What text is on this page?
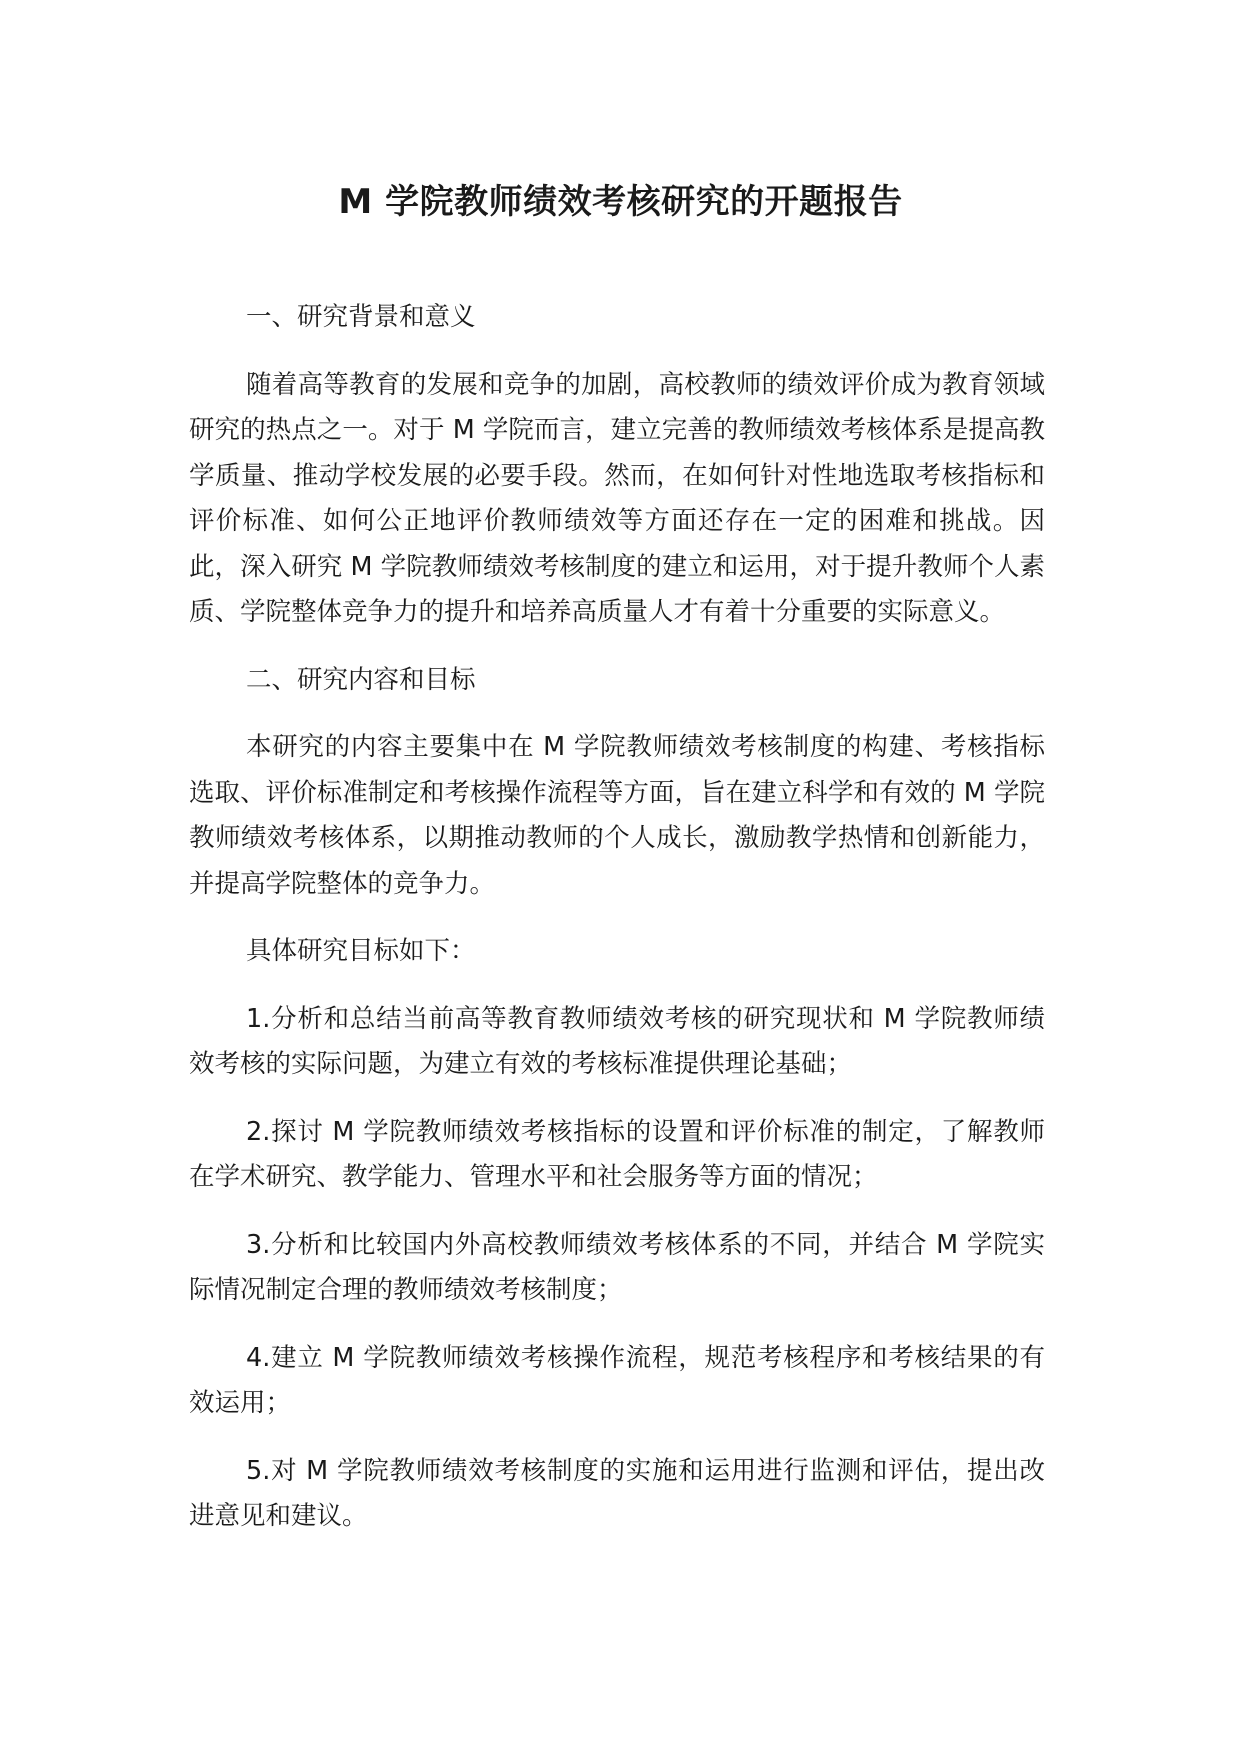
M 学院教师绩效考核研究的开题报告

一、研究背景和意义

随着高等教育的发展和竞争的加剧，高校教师的绩效评价成为教育领域研究的热点之一。对于 M 学院而言，建立完善的教师绩效考核体系是提高教学质量、推动学校发展的必要手段。然而，在如何针对性地选取考核指标和评价标准、如何公正地评价教师绩效等方面还存在一定的困难和挑战。因此，深入研究 M 学院教师绩效考核制度的建立和运用，对于提升教师个人素质、学院整体竞争力的提升和培养高质量人才有着十分重要的实际意义。

二、研究内容和目标

本研究的内容主要集中在 M 学院教师绩效考核制度的构建、考核指标选取、评价标准制定和考核操作流程等方面，旨在建立科学和有效的 M 学院教师绩效考核体系，以期推动教师的个人成长，激励教学热情和创新能力，并提高学院整体的竞争力。

具体研究目标如下：

1.分析和总结当前高等教育教师绩效考核的研究现状和 M 学院教师绩效考核的实际问题，为建立有效的考核标准提供理论基础；

2.探讨 M 学院教师绩效考核指标的设置和评价标准的制定，了解教师在学术研究、教学能力、管理水平和社会服务等方面的情况；

3.分析和比较国内外高校教师绩效考核体系的不同，并结合 M 学院实际情况制定合理的教师绩效考核制度；

4.建立 M 学院教师绩效考核操作流程，规范考核程序和考核结果的有效运用；

5.对 M 学院教师绩效考核制度的实施和运用进行监测和评估，提出改进意见和建议。
